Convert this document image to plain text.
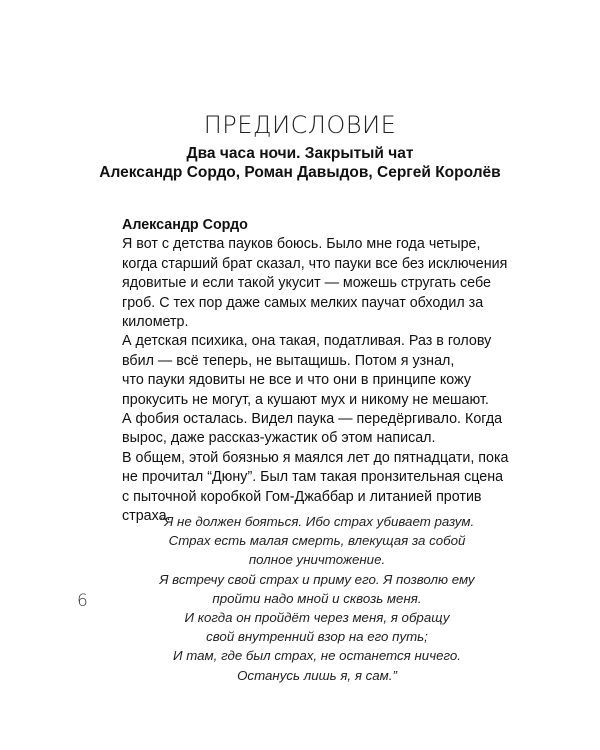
ПРЕДИСЛОВИЕ
Два часа ночи. Закрытый чат
Александр Сордо, Роман Давыдов, Сергей Королёв

Александр Сордо

Я вот с детства пауков боюсь. Было мне года четыре,

когда старший брат сказал, что пауки все без исключения

ядовитые и если такой укусит — можешь стругать себе

гроб. С тех пор даже самых мелких паучат обходил за

километр.

А детская психика, она такая, податливая. Раз в голову

вбил — всё теперь, не вытащишь. Потом я узнал,

что пауки ядовиты не все и что они в принципе кожу

прокусить не могут, а кушают мух и никому не мешают.

А фобия осталась. Видел паука — передёргивало. Когда

вырос, даже рассказ-ужастик об этом написал.

В общем, этой боязнью я маялся лет до пятнадцати, пока

не прочитал “Дюну”. Был там такая пронзительная сцена

с пыточной коробкой Гом-Джаббар и литанией против

страха.

“Я не должен бояться. Ибо страх убивает разум.

Страх есть малая смерть, влекущая за собой

полное уничтожение.

Я встречу свой страх и приму его. Я позволю ему

пройти надо мной и сквозь меня.

И когда он пройдёт через меня, я обращу

свой внутренний взор на его путь;

И там, где был страх, не останется ничего.

Останусь лишь я, я сам.”

6
